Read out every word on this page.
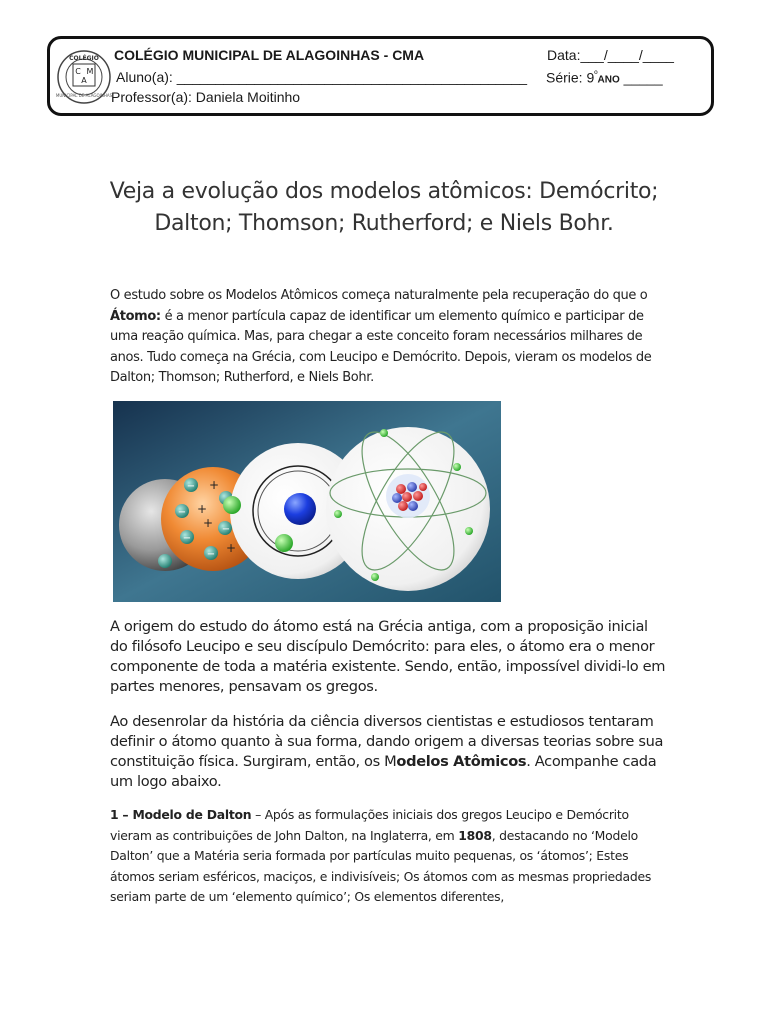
COLÉGIO
C M
A
MUNICIPAL DE ALAGOINHAS
COLÉGIO MUNICIPAL DE ALAGOINHAS - CMA	Data:___/____/____
Aluno(a): _____________________________________________ Série: $9^ºANO$ _____
Professor(a): Daniela Moitinho
Veja a evolução dos modelos atômicos: Demócrito;
Dalton; Thomson; Rutherford; e Niels Bohr.

O estudo sobre os Modelos Atômicos começa naturalmente pela recuperação do que o Átomo: é a menor partícula capaz de identificar um elemento químico e participar de uma reação química. Mas, para chegar a este conceito foram necessários milhares de anos. Tudo começa na Grécia, com Leucipo e Demócrito. Depois, vieram os modelos de Dalton; Thomson; Rutherford, e Niels Bohr.

+
+
+
+
−
−
−
−
−

A origem do estudo do átomo está na Grécia antiga, com a proposição inicial do filósofo Leucipo e seu discípulo Demócrito: para eles, o átomo era o menor componente de toda a matéria existente. Sendo, então, impossível dividi-lo em partes menores, pensavam os gregos.

Ao desenrolar da história da ciência diversos cientistas e estudiosos tentaram definir o átomo quanto à sua forma, dando origem a diversas teorias sobre sua constituição física. Surgiram, então, os Modelos Atômicos. Acompanhe cada um logo abaixo.

1 – Modelo de Dalton – Após as formulações iniciais dos gregos Leucipo e Demócrito vieram as contribuições de John Dalton, na Inglaterra, em 1808, destacando no ‘Modelo Dalton’ que a Matéria seria formada por partículas muito pequenas, os ‘átomos’; Estes átomos seriam esféricos, maciços, e indivisíveis; Os átomos com as mesmas propriedades seriam parte de um ‘elemento químico’; Os elementos diferentes,
